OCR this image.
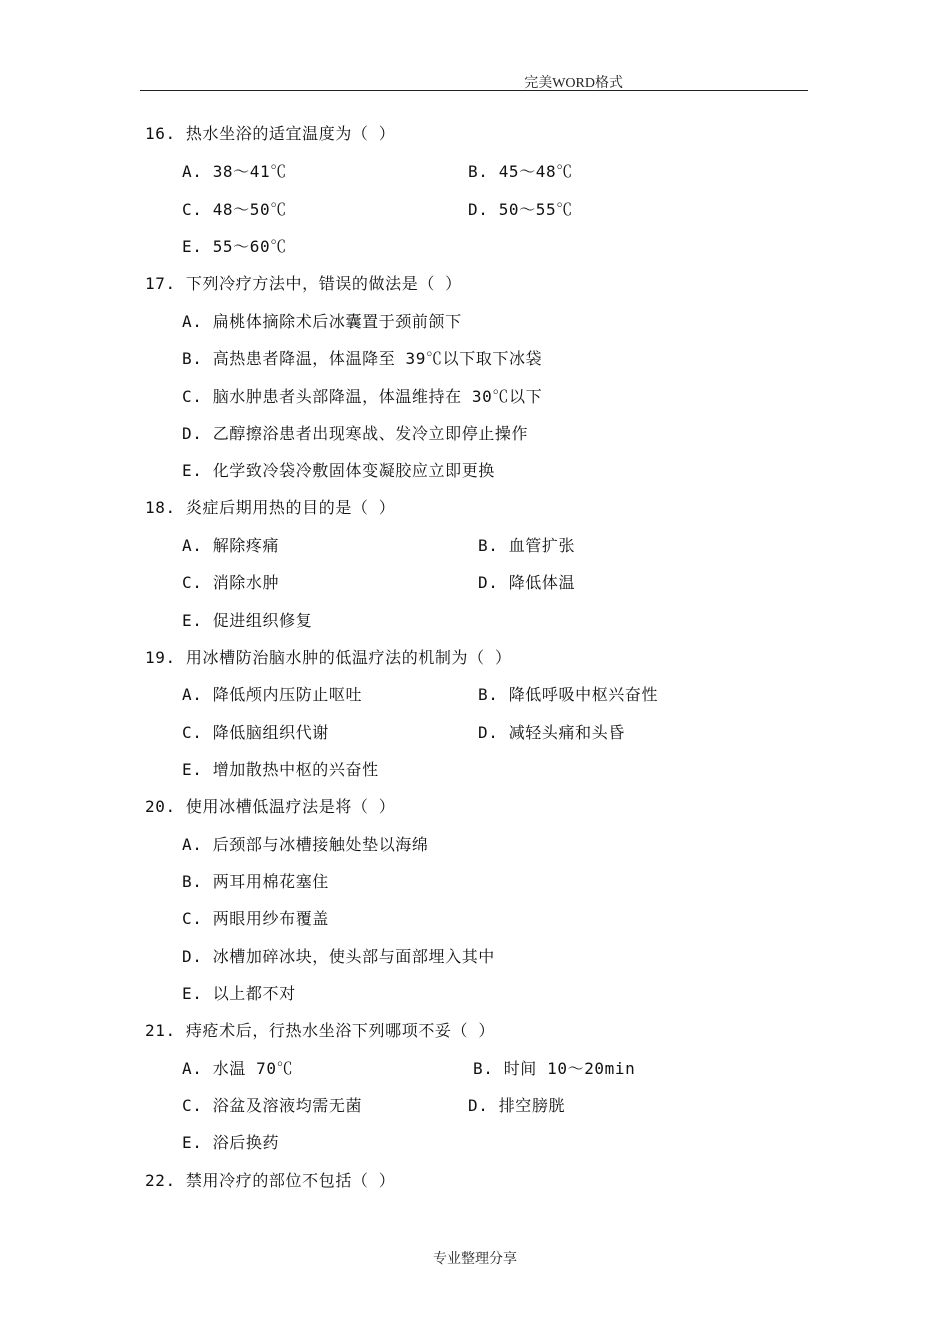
完美WORD格式
16. 热水坐浴的适宜温度为（ ）
A. 38～41℃	B. 45～48℃
C. 48～50℃	D. 50～55℃
E. 55～60℃
17. 下列冷疗方法中，错误的做法是（ ）
A. 扁桃体摘除术后冰囊置于颈前颌下
B. 高热患者降温，体温降至 39℃以下取下冰袋
C. 脑水肿患者头部降温，体温维持在 30℃以下
D. 乙醇擦浴患者出现寒战、发冷立即停止操作
E. 化学致冷袋冷敷固体变凝胶应立即更换
18. 炎症后期用热的目的是（ ）
A. 解除疼痛	B. 血管扩张
C. 消除水肿	D. 降低体温
E. 促进组织修复
19. 用冰槽防治脑水肿的低温疗法的机制为（ ）
A. 降低颅内压防止呕吐	B. 降低呼吸中枢兴奋性
C. 降低脑组织代谢	D. 减轻头痛和头昏
E. 增加散热中枢的兴奋性
20. 使用冰槽低温疗法是将（ ）
A. 后颈部与冰槽接触处垫以海绵
B. 两耳用棉花塞住
C. 两眼用纱布覆盖
D. 冰槽加碎冰块，使头部与面部埋入其中
E. 以上都不对
21. 痔疮术后，行热水坐浴下列哪项不妥（ ）
A. 水温 70℃	B. 时间 10～20min
C. 浴盆及溶液均需无菌	D. 排空膀胱
E. 浴后换药
22. 禁用冷疗的部位不包括（ ）
专业整理分享
